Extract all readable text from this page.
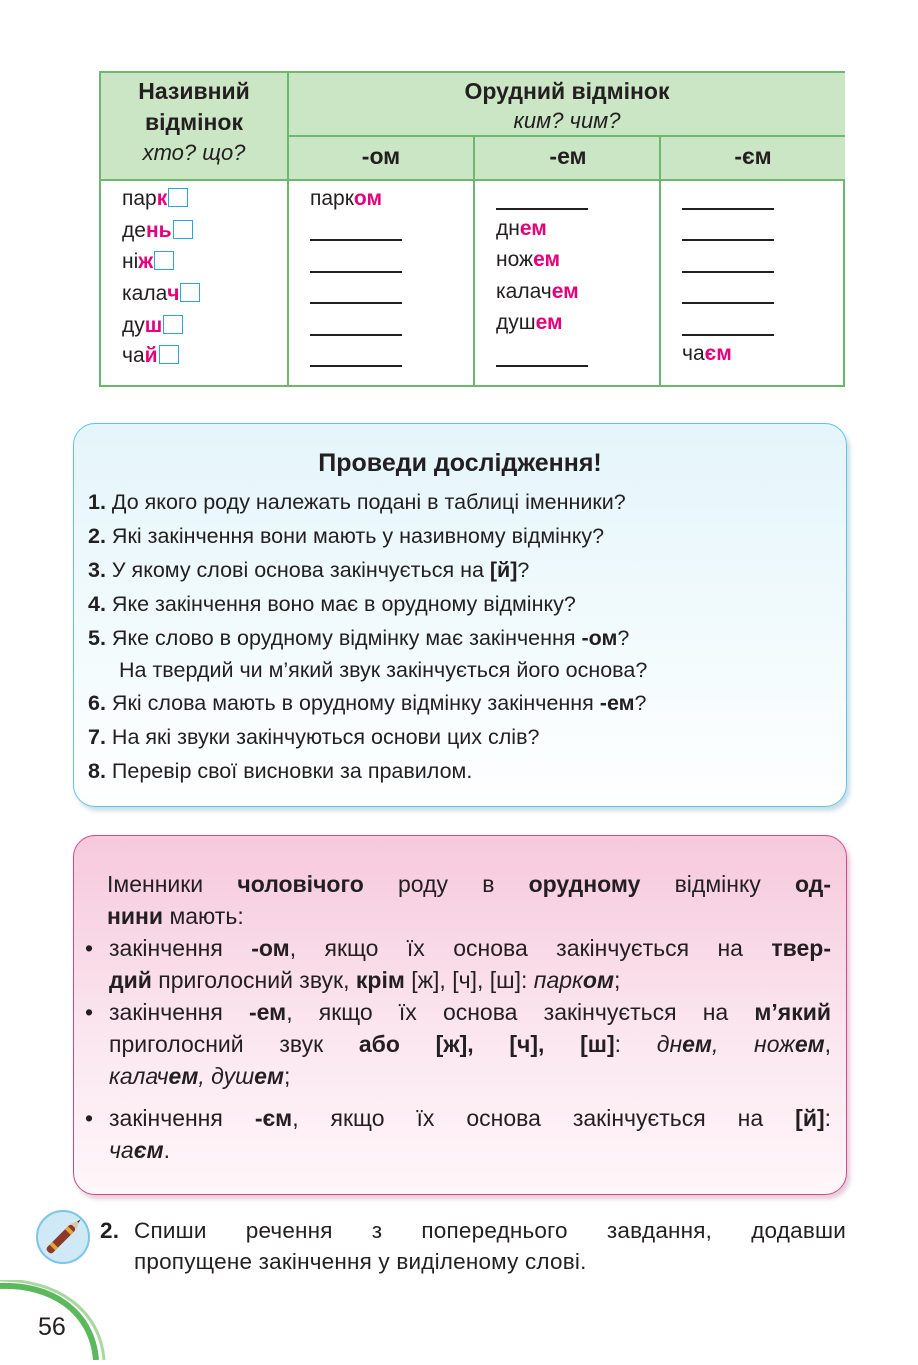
Називний
відмінок
хто? що?
Орудний відмінок
ким? чим?
-ом	-ем	-єм
парк
день
ніж
калач
душ
чай
парком
днем
ножем
калачем
душем
чаєм
Проведи дослідження!
1. До якого роду належать подані в таблиці іменники?
2. Які закінчення вони мають у називному відмінку?
3. У якому слові основа закінчується на [й]?
4. Яке закінчення воно має в орудному відмінку?
5. Яке слово в орудному відмінку має закінчення -ом?
На твердий чи м’який звук закінчується його основа?
6. Які слова мають в орудному відмінку закінчення -ем?
7. На які звуки закінчуються основи цих слів?
8. Перевір свої висновки за правилом.
Іменники чоловічого роду в орудному відмінку од-
нини мають:
• закінчення -ом, якщо їх основа закінчується на твер-
дий приголосний звук, крім [ж], [ч], [ш]: парком;
• закінчення -ем, якщо їх основа закінчується на м’який
приголосний звук або [ж], [ч], [ш]: днем, ножем,
калачем, душем;
• закінчення -єм, якщо їх основа закінчується на [й]:
чаєм.
2. Спиши речення з попереднього завдання, додавши
пропущене закінчення у виділеному слові.
56
